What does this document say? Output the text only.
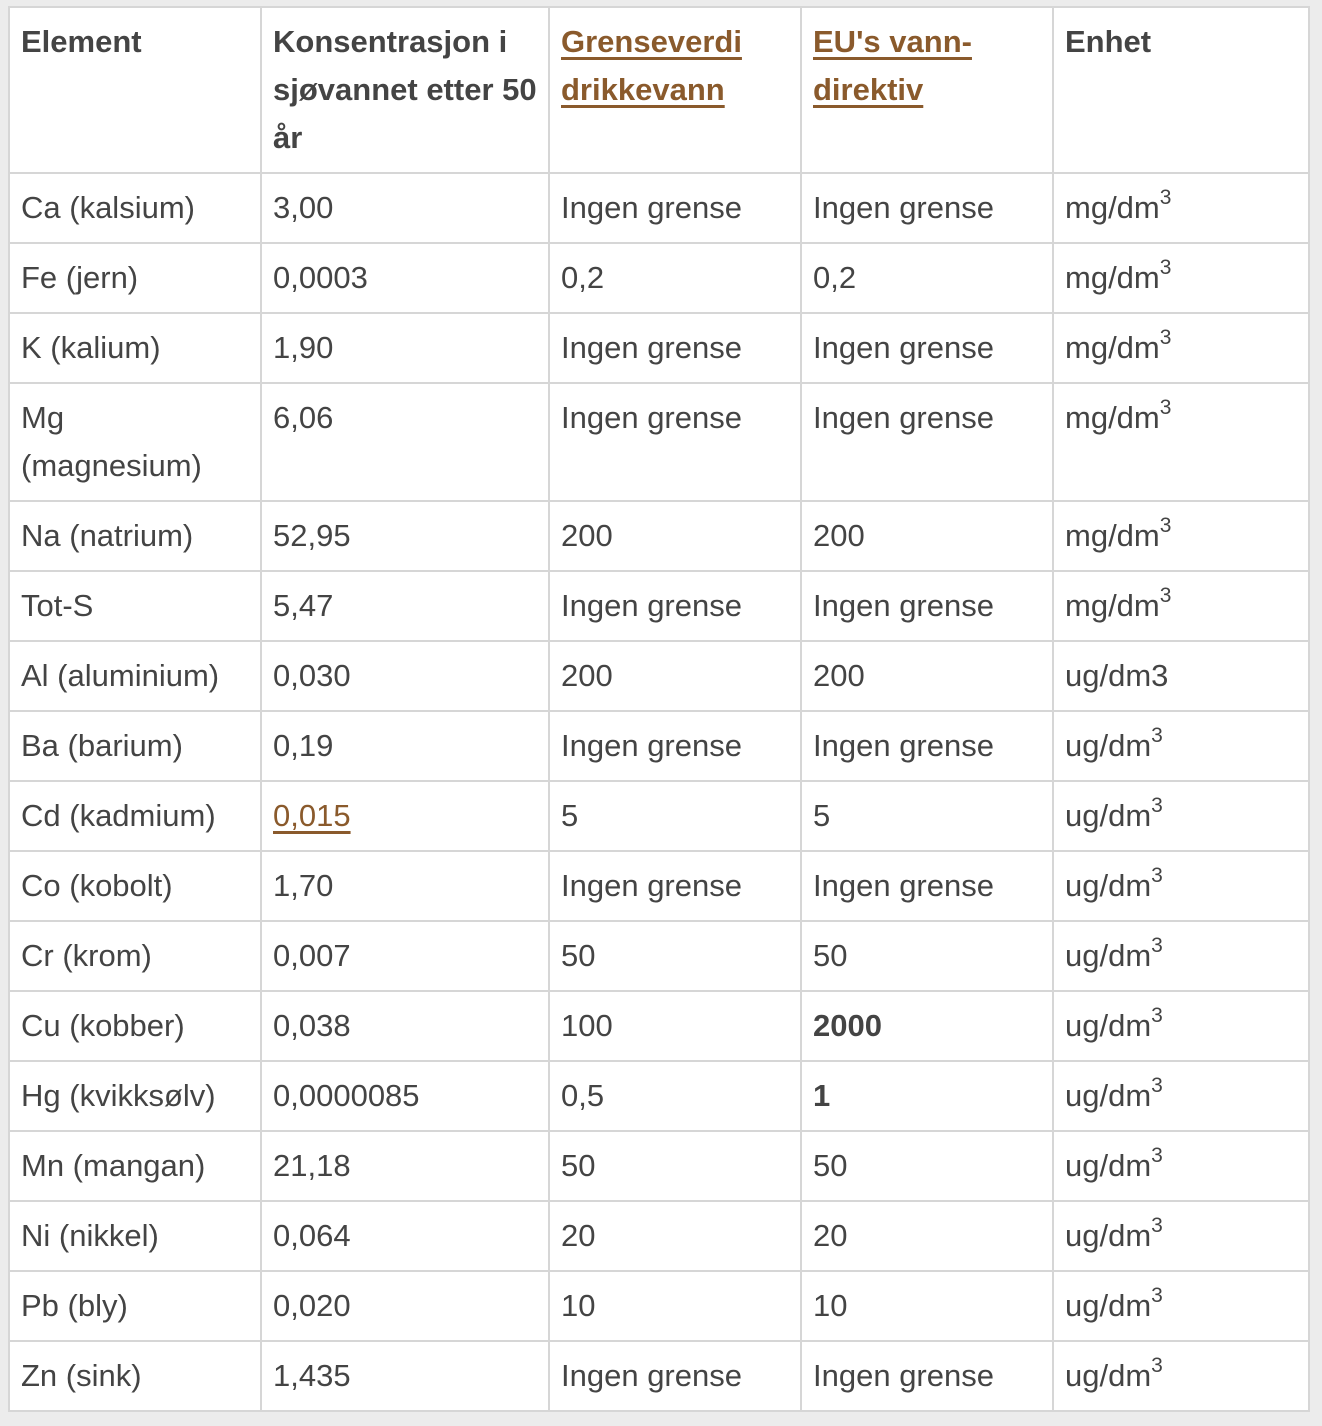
Element	Konsentrasjon i sjøvannet etter 50 år	Grenseverdi drikkevann	EU's vann-direktiv	Enhet
Ca (kalsium)	3,00	Ingen grense	Ingen grense	$mg/dm^3$
Fe (jern)	0,0003	0,2	0,2	$mg/dm^3$
K (kalium)	1,90	Ingen grense	Ingen grense	$mg/dm^3$
Mg (magnesium)	6,06	Ingen grense	Ingen grense	$mg/dm^3$
Na (natrium)	52,95	200	200	$mg/dm^3$
Tot-S	5,47	Ingen grense	Ingen grense	$mg/dm^3$
Al (aluminium)	0,030	200	200	ug/dm3
Ba (barium)	0,19	Ingen grense	Ingen grense	$ug/dm^3$
Cd (kadmium)	0,015	5	5	$ug/dm^3$
Co (kobolt)	1,70	Ingen grense	Ingen grense	$ug/dm^3$
Cr (krom)	0,007	50	50	$ug/dm^3$
Cu (kobber)	0,038	100	2000	$ug/dm^3$
Hg (kvikksølv)	0,0000085	0,5	1	$ug/dm^3$
Mn (mangan)	21,18	50	50	$ug/dm^3$
Ni (nikkel)	0,064	20	20	$ug/dm^3$
Pb (bly)	0,020	10	10	$ug/dm^3$
Zn (sink)	1,435	Ingen grense	Ingen grense	$ug/dm^3$
